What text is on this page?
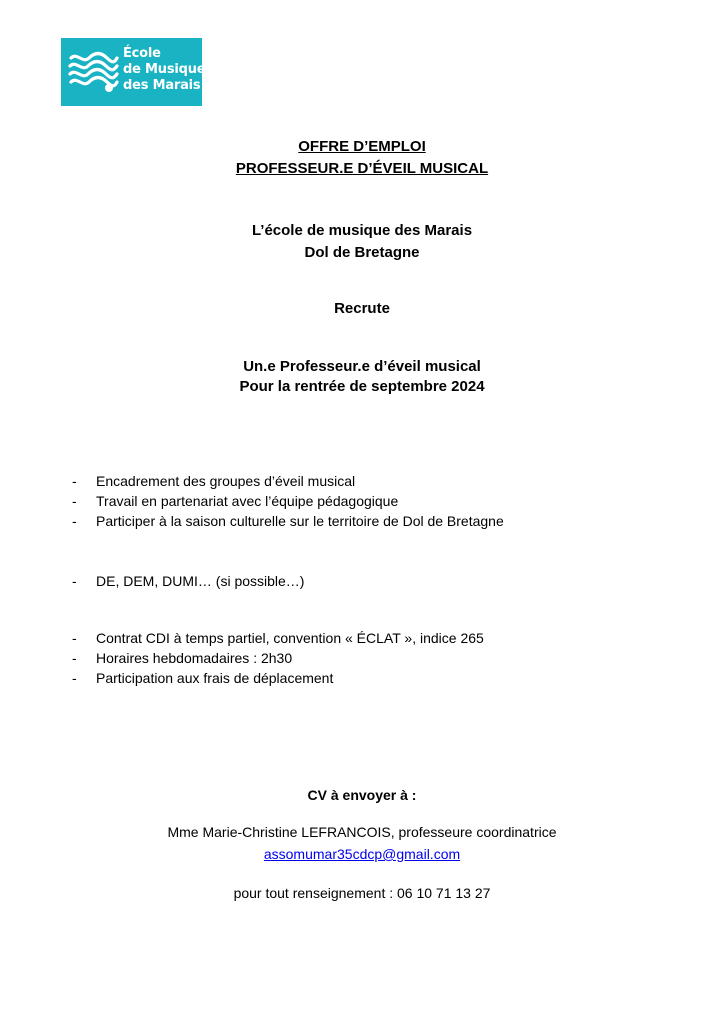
École
de Musique
des Marais
OFFRE D’EMPLOI
PROFESSEUR.E D’ÉVEIL MUSICAL
L’école de musique des Marais
Dol de Bretagne
Recrute
Un.e Professeur.e d’éveil musical
Pour la rentrée de septembre 2024
- Encadrement des groupes d’éveil musical
- Travail en partenariat avec l’équipe pédagogique
- Participer à la saison culturelle sur le territoire de Dol de Bretagne
- DE, DEM, DUMI… (si possible…)
- Contrat CDI à temps partiel, convention « ÉCLAT », indice 265
- Horaires hebdomadaires : 2h30
- Participation aux frais de déplacement
CV à envoyer à :
Mme Marie-Christine LEFRANCOIS, professeure coordinatrice
assomumar35cdcp@gmail.com
pour tout renseignement : 06 10 71 13 27
